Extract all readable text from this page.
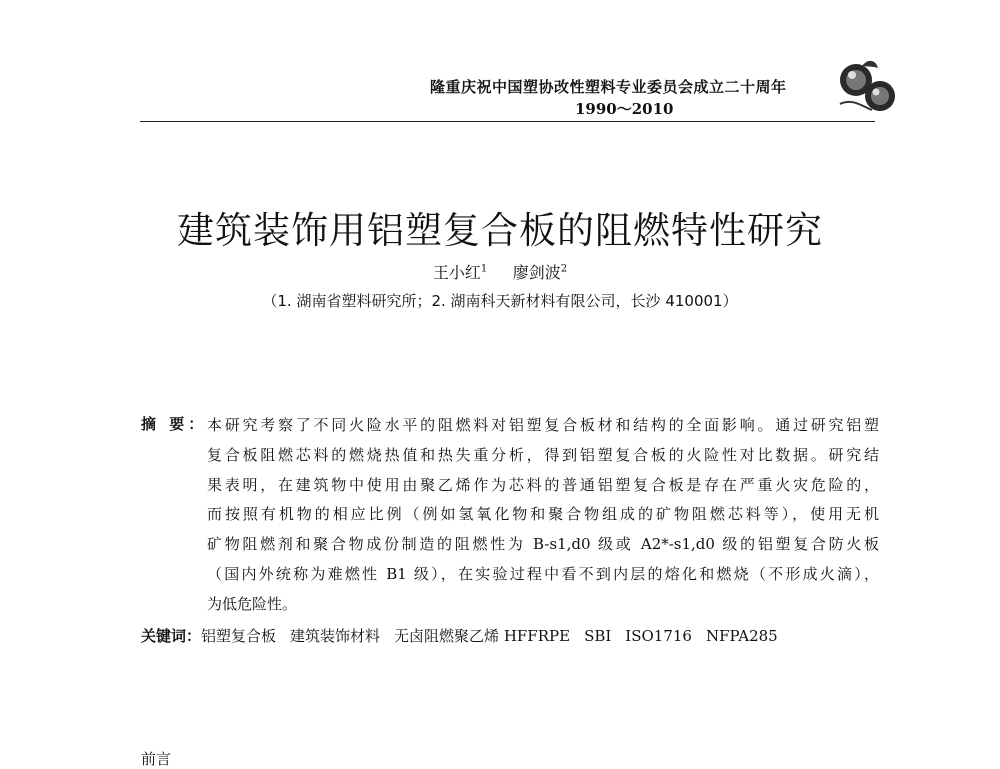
隆重庆祝中国塑协改性塑料专业委员会成立二十周年
1990～2010
建筑装饰用铝塑复合板的阻燃特性研究
王小红$^1$ 廖剑波$^2$
（1. 湖南省塑料研究所；2. 湖南科天新材料有限公司，长沙 410001）
摘 要： 本研究考察了不同火险水平的阻燃料对铝塑复合板材和结构的全面影响。通过研究铝塑
复合板阻燃芯料的燃烧热值和热失重分析，得到铝塑复合板的火险性对比数据。研究结
果表明，在建筑物中使用由聚乙烯作为芯料的普通铝塑复合板是存在严重火灾危险的，
而按照有机物的相应比例（例如氢氧化物和聚合物组成的矿物阻燃芯料等），使用无机
矿物阻燃剂和聚合物成份制造的阻燃性为 B-s1,d0 级或 A2*-s1,d0 级的铝塑复合防火板
（国内外统称为难燃性 B1 级），在实验过程中看不到内层的熔化和燃烧（不形成火滴），
为低危险性。
关键词：铝塑复合板 建筑装饰材料 无卤阻燃聚乙烯 HFFRPE SBI ISO1716 NFPA285
前言
